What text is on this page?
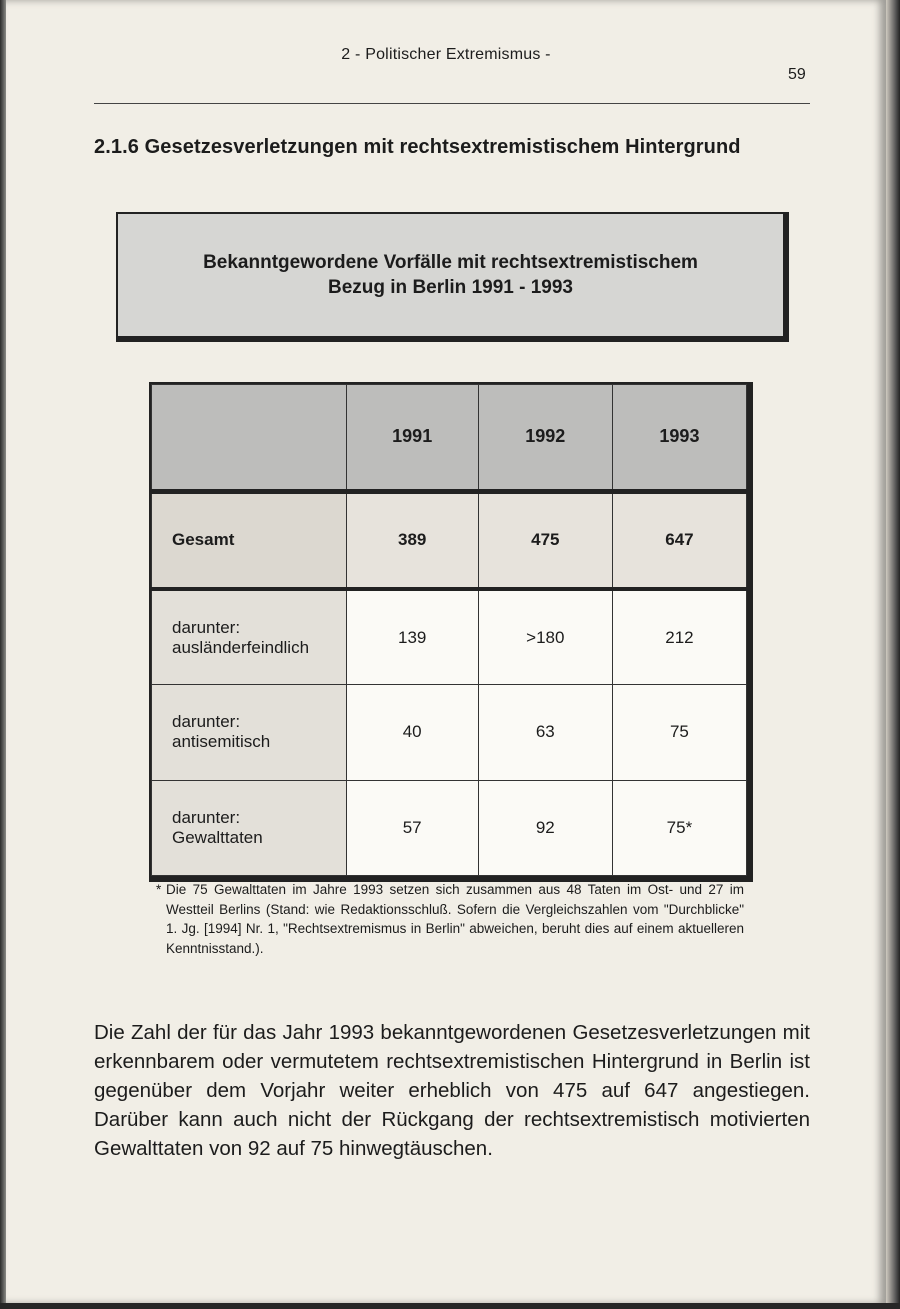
2 - Politischer Extremismus -
59
2.1.6 Gesetzesverletzungen mit rechtsextremistischem Hintergrund
Bekanntgewordene Vorfälle mit rechtsextremistischem
Bezug in Berlin 1991 - 1993
	1991	1992	1993
Gesamt	389	475	647

darunter:
ausländerfeindlich	139	>180	212

darunter:
antisemitisch	40	63	75

darunter:
Gewalttaten	57	92	75*
* Die 75 Gewalttaten im Jahre 1993 setzen sich zusammen aus 48 Taten im Ost- und 27 im Westteil Berlins (Stand: wie Redaktionsschluß. Sofern die Vergleichszahlen vom "Durchblicke" 1. Jg. [1994] Nr. 1, "Rechtsextremismus in Berlin" abweichen, beruht dies auf einem aktuelleren Kenntnisstand.).
Die Zahl der für das Jahr 1993 bekanntgewordenen Gesetzesverletzungen mit erkennbarem oder vermutetem rechtsextremistischen Hintergrund in Berlin ist gegenüber dem Vorjahr weiter erheblich von 475 auf 647 angestiegen. Darüber kann auch nicht der Rückgang der rechtsextremistisch motivierten Gewalttaten von 92 auf 75 hinwegtäuschen.
